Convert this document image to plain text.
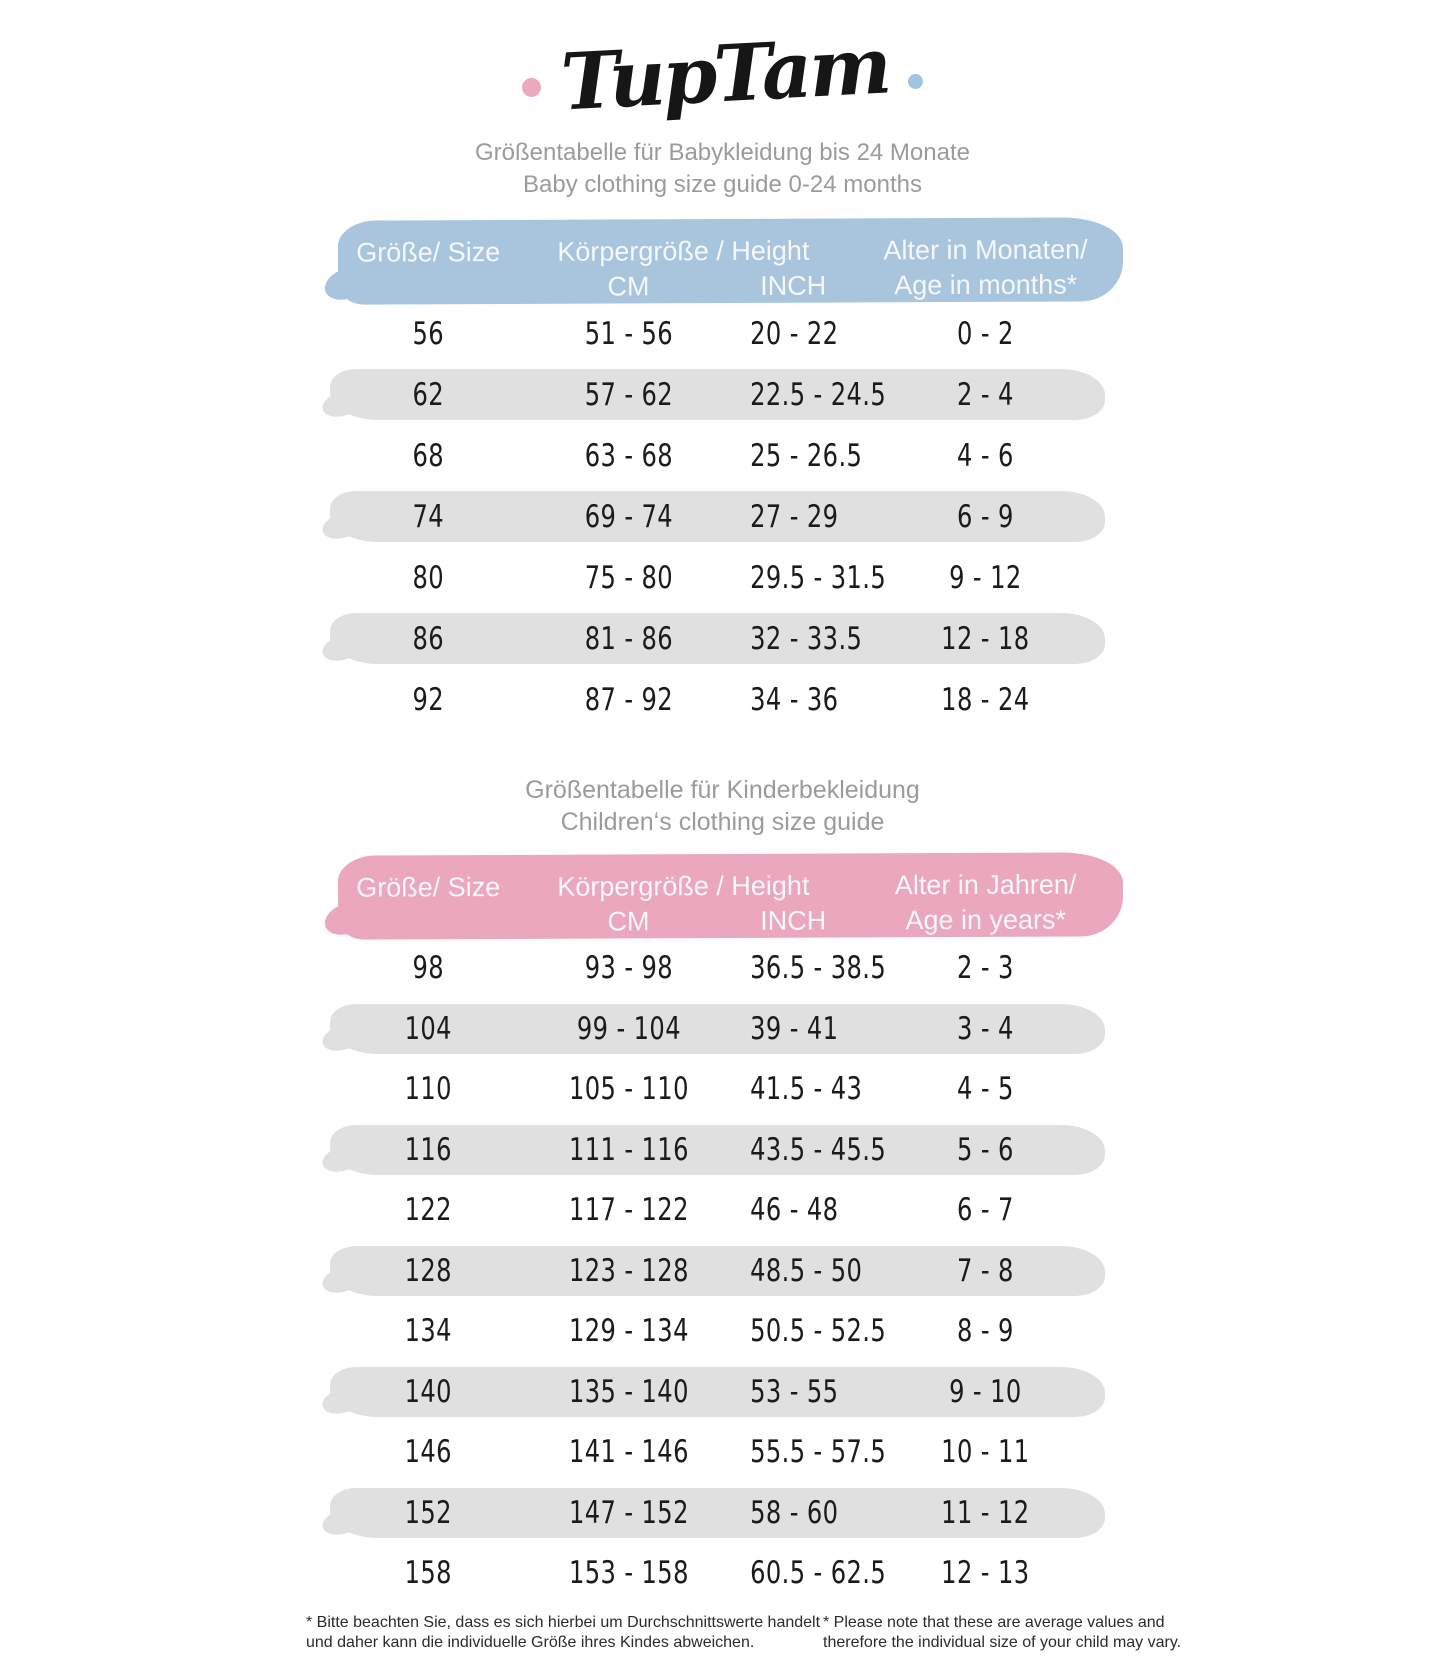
TupTam
Größentabelle für Babykleidung bis 24 Monate
Baby clothing size guide 0-24 months
Größe/ Size	Körpergröße / Height
CM	INCH
Alter in Monaten/
Age in months*
56	51 - 56	20 - 22	0 - 2
62	57 - 62	22.5 - 24.5	2 - 4
68	63 - 68	25 - 26.5	4 - 6
74	69 - 74	27 - 29	6 - 9
80	75 - 80	29.5 - 31.5	9 - 12
86	81 - 86	32 - 33.5	12 - 18
92	87 - 92	34 - 36	18 - 24
Größentabelle für Kinderbekleidung
Children‘s clothing size guide
Größe/ Size	Körpergröße / Height
CM	INCH
Alter in Jahren/
Age in years*
98	93 - 98	36.5 - 38.5	2 - 3
104	99 - 104	39 - 41	3 - 4
110	105 - 110	41.5 - 43	4 - 5
116	111 - 116	43.5 - 45.5	5 - 6
122	117 - 122	46 - 48	6 - 7
128	123 - 128	48.5 - 50	7 - 8
134	129 - 134	50.5 - 52.5	8 - 9
140	135 - 140	53 - 55	9 - 10
146	141 - 146	55.5 - 57.5	10 - 11
152	147 - 152	58 - 60	11 - 12
158	153 - 158	60.5 - 62.5	12 - 13
* Bitte beachten Sie, dass es sich hierbei um Durchschnittswerte handelt
und daher kann die individuelle Größe ihres Kindes abweichen.
* Please note that these are average values and
therefore the individual size of your child may vary.
